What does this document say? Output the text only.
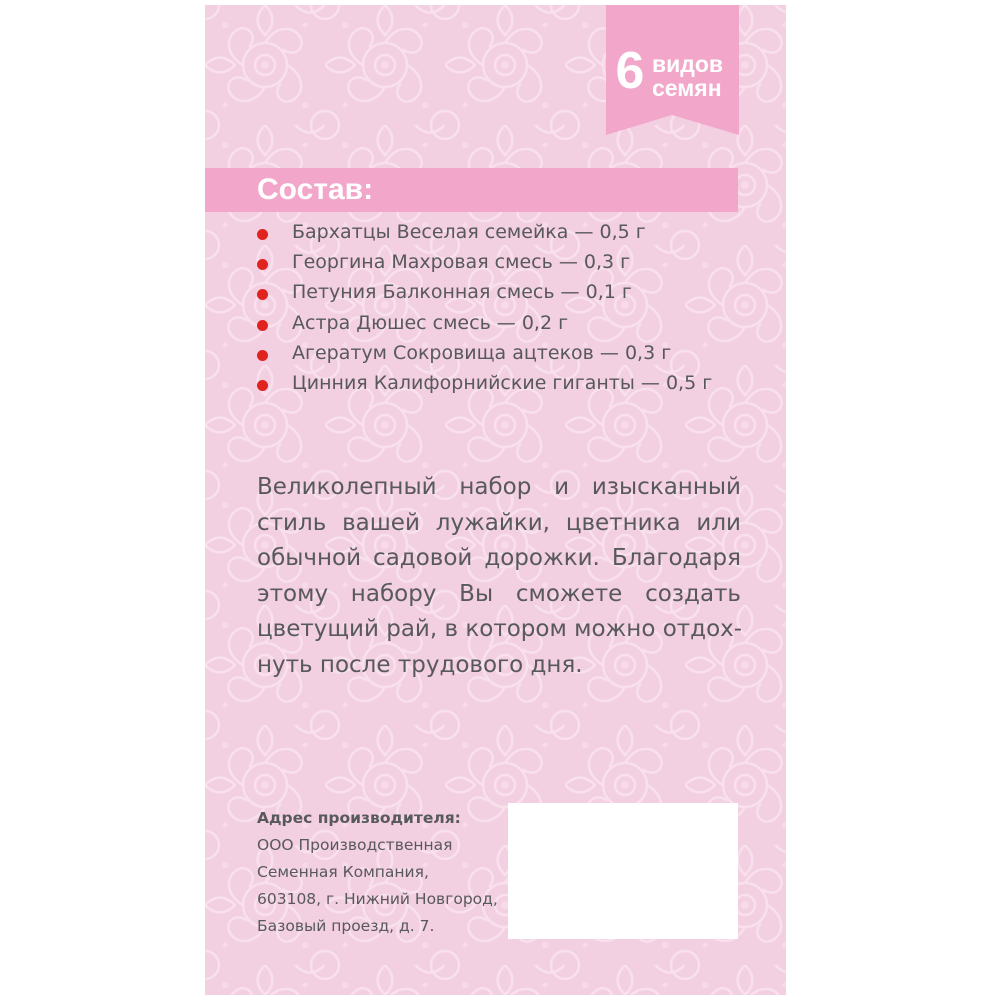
6 видов
семян
Состав:
Бархатцы Веселая семейка — 0,5 г
Георгина Махровая смесь — 0,3 г
Петуния Балконная смесь — 0,1 г
Астра Дюшес смесь — 0,2 г
Агератум Сокровища ацтеков — 0,3 г
Цинния Калифорнийские гиганты — 0,5 г
Великолепный набор и изысканный
стиль вашей лужайки, цветника или
обычной садовой дорожки. Благодаря
этому набору Вы сможете создать
цветущий рай, в котором можно отдох-
нуть после трудового дня.
Адрес производителя:
ООО Производственная
Семенная Компания,
603108, г. Нижний Новгород,
Базовый проезд, д. 7.
